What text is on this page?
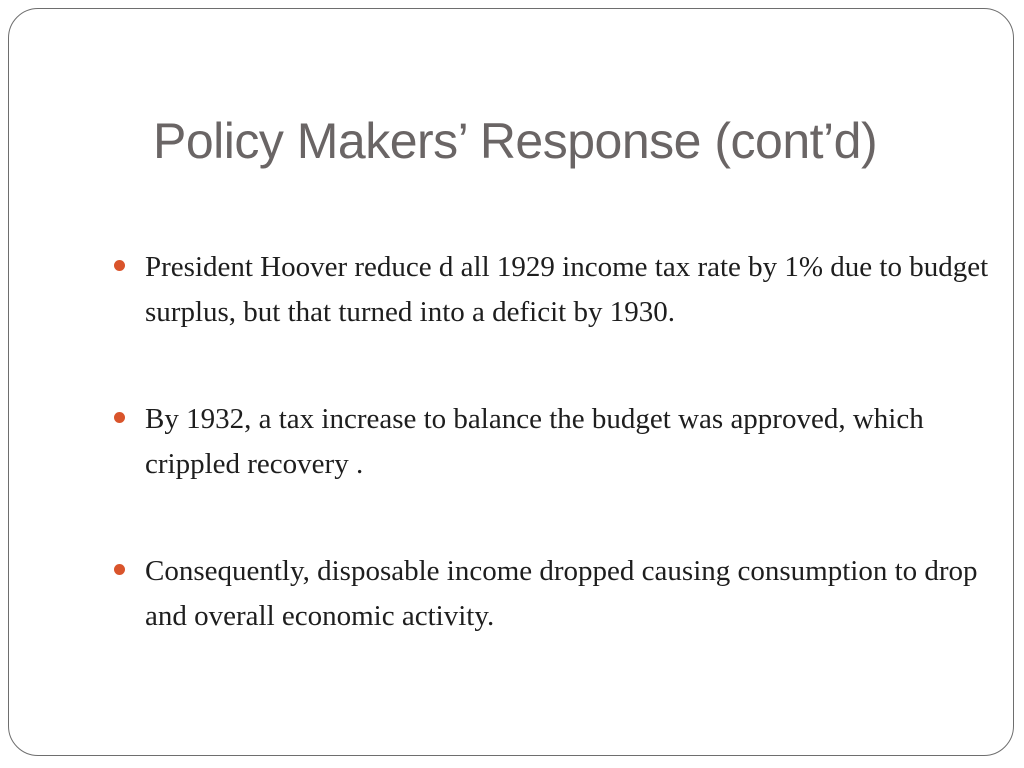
Policy Makers’ Response (cont’d)
President Hoover reduce d all 1929 income tax rate by 1% due to budget surplus, but that turned into a deficit by 1930.
By 1932, a tax increase to balance the budget was approved, which crippled recovery .
Consequently, disposable income dropped causing consumption to drop and overall economic activity.
